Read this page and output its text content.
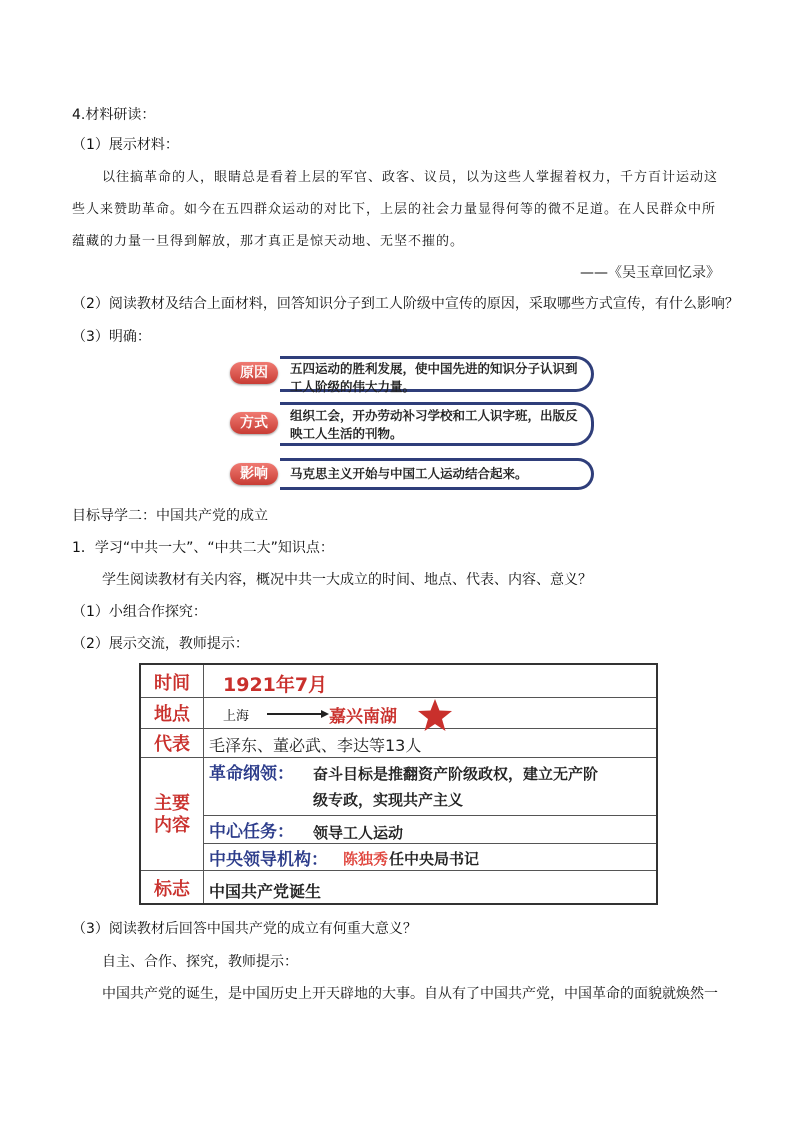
4.材料研读：
（1）展示材料：
以往搞革命的人，眼睛总是看着上层的军官、政客、议员，以为这些人掌握着权力，千方百计运动这
些人来赞助革命。如今在五四群众运动的对比下，上层的社会力量显得何等的微不足道。在人民群众中所
蕴藏的力量一旦得到解放，那才真正是惊天动地、无坚不摧的。
——《吴玉章回忆录》
（2）阅读教材及结合上面材料，回答知识分子到工人阶级中宣传的原因，采取哪些方式宣传，有什么影响？
（3）明确：
原因	五四运动的胜利发展，使中国先进的知识分子认识到工人阶级的伟大力量。
方式	组织工会，开办劳动补习学校和工人识字班，出版反映工人生活的刊物。
影响	马克思主义开始与中国工人运动结合起来。
目标导学二：中国共产党的成立
1．学习“中共一大”、“中共二大”知识点：
学生阅读教材有关内容，概况中共一大成立的时间、地点、代表、内容、意义？
（1）小组合作探究：
（2）展示交流，教师提示：
时间	1921年7月
地点	上海	嘉兴南湖
代表	毛泽东、董必武、李达等13人
主要内容
革命纲领： 奋斗目标是推翻资产阶级政权，建立无产阶
级专政，实现共产主义
中心任务： 领导工人运动
中央领导机构： 陈独秀 任中央局书记
标志	中国共产党诞生
（3）阅读教材后回答中国共产党的成立有何重大意义？
自主、合作、探究，教师提示：
中国共产党的诞生，是中国历史上开天辟地的大事。自从有了中国共产党，中国革命的面貌就焕然一
